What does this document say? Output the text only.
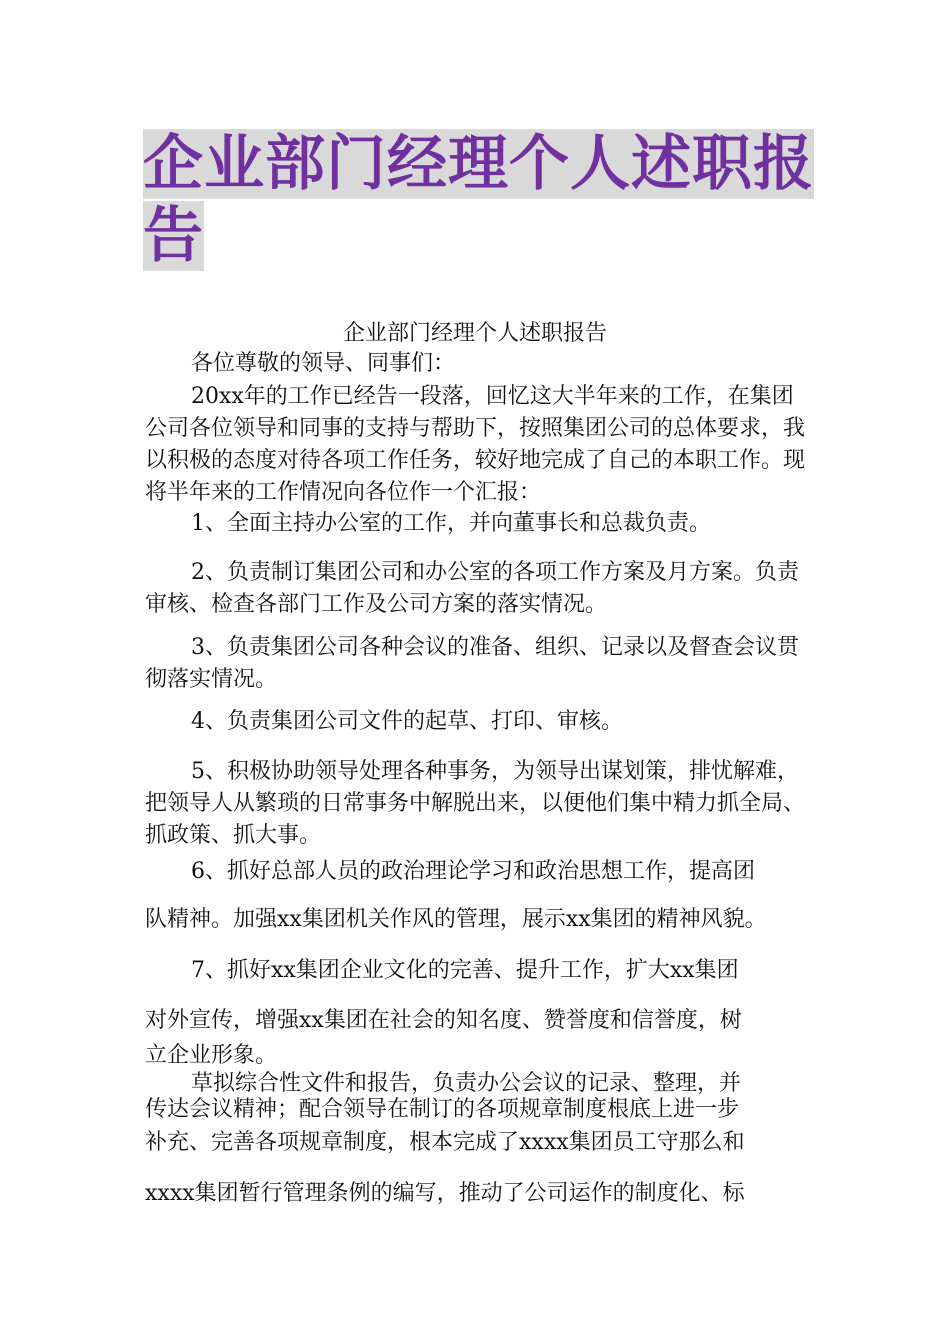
企业部门经理个人述职报告
企业部门经理个人述职报告
各位尊敬的领导、同事们：
20xx年的工作已经告一段落，回忆这大半年来的工作，在集团公司各位领导和同事的支持与帮助下，按照集团公司的总体要求，我以积极的态度对待各项工作任务，较好地完成了自己的本职工作。现将半年来的工作情况向各位作一个汇报：
1、全面主持办公室的工作，并向董事长和总裁负责。
2、负责制订集团公司和办公室的各项工作方案及月方案。负责审核、检查各部门工作及公司方案的落实情况。
3、负责集团公司各种会议的准备、组织、记录以及督查会议贯彻落实情况。
4、负责集团公司文件的起草、打印、审核。
5、积极协助领导处理各种事务，为领导出谋划策，排忧解难，把领导人从繁琐的日常事务中解脱出来，以便他们集中精力抓全局、抓政策、抓大事。
6、抓好总部人员的政治理论学习和政治思想工作，提高团
队精神。加强xx集团机关作风的管理，展示xx集团的精神风貌。
7、抓好xx集团企业文化的完善、提升工作，扩大xx集团
对外宣传，增强xx集团在社会的知名度、赞誉度和信誉度，树
立企业形象。
草拟综合性文件和报告，负责办公会议的记录、整理，并
传达会议精神；配合领导在制订的各项规章制度根底上进一步
补充、完善各项规章制度，根本完成了xxxx集团员工守那么和
xxxx集团暂行管理条例的编写，推动了公司运作的制度化、标
